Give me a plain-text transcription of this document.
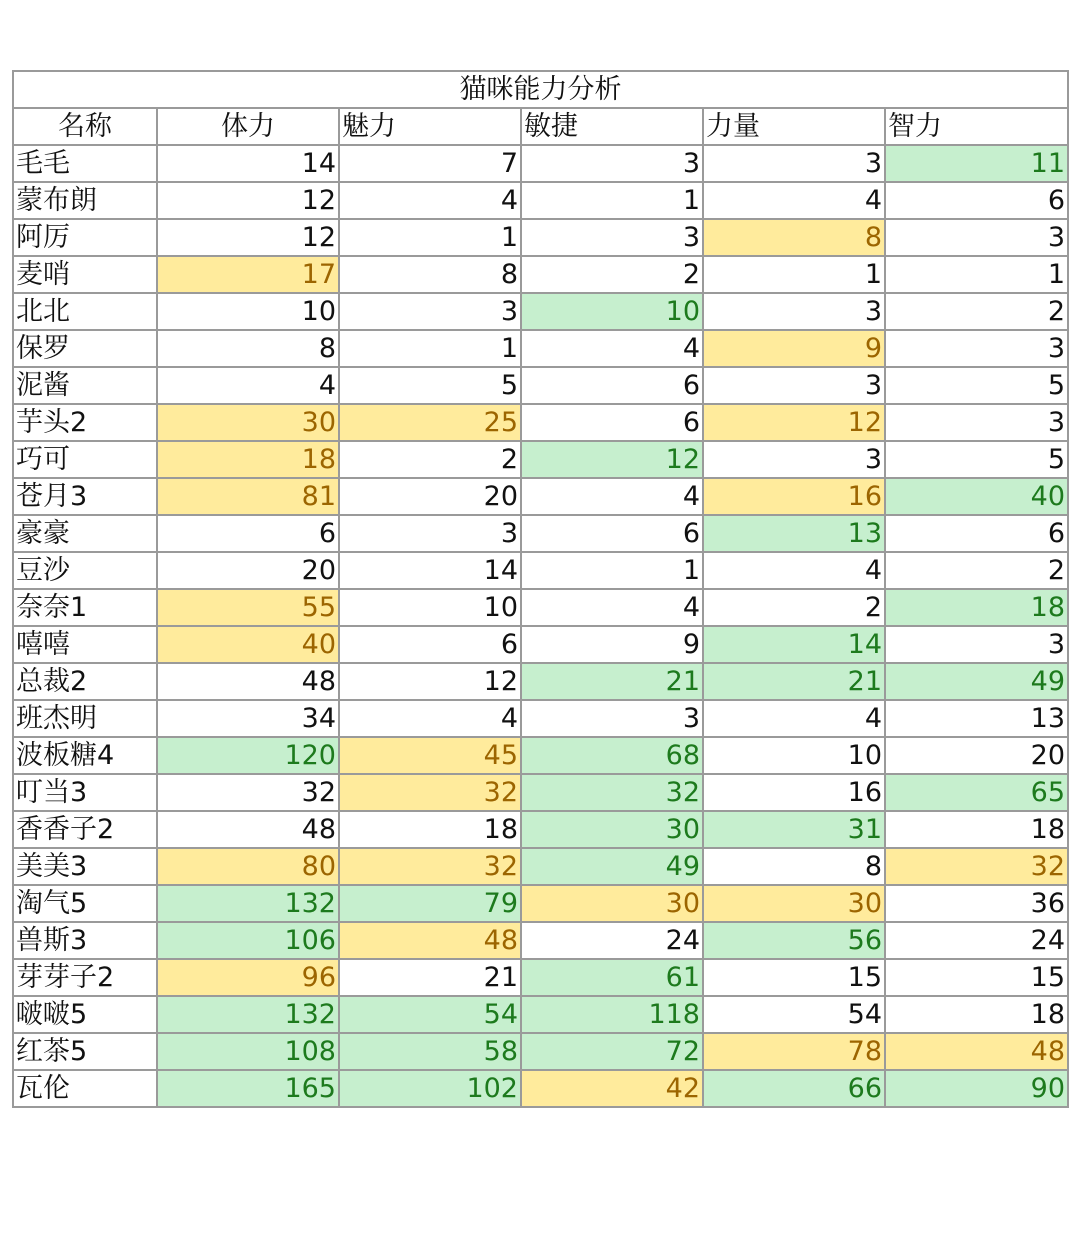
猫咪能力分析					
名称	体力	魅力	敏捷	力量	智力
毛毛	14	7	3	3	11
蒙布朗	12	4	1	4	6
阿厉	12	1	3	8	3
麦哨	17	8	2	1	1
北北	10	3	10	3	2
保罗	8	1	4	9	3
泥酱	4	5	6	3	5
芋头2	30	25	6	12	3
巧可	18	2	12	3	5
苍月3	81	20	4	16	40
豪豪	6	3	6	13	6
豆沙	20	14	1	4	2
奈奈1	55	10	4	2	18
嘻嘻	40	6	9	14	3
总裁2	48	12	21	21	49
班杰明	34	4	3	4	13
波板糖4	120	45	68	10	20
叮当3	32	32	32	16	65
香香子2	48	18	30	31	18
美美3	80	32	49	8	32
淘气5	132	79	30	30	36
兽斯3	106	48	24	56	24
芽芽子2	96	21	61	15	15
啵啵5	132	54	118	54	18
红茶5	108	58	72	78	48
瓦伦	165	102	42	66	90
